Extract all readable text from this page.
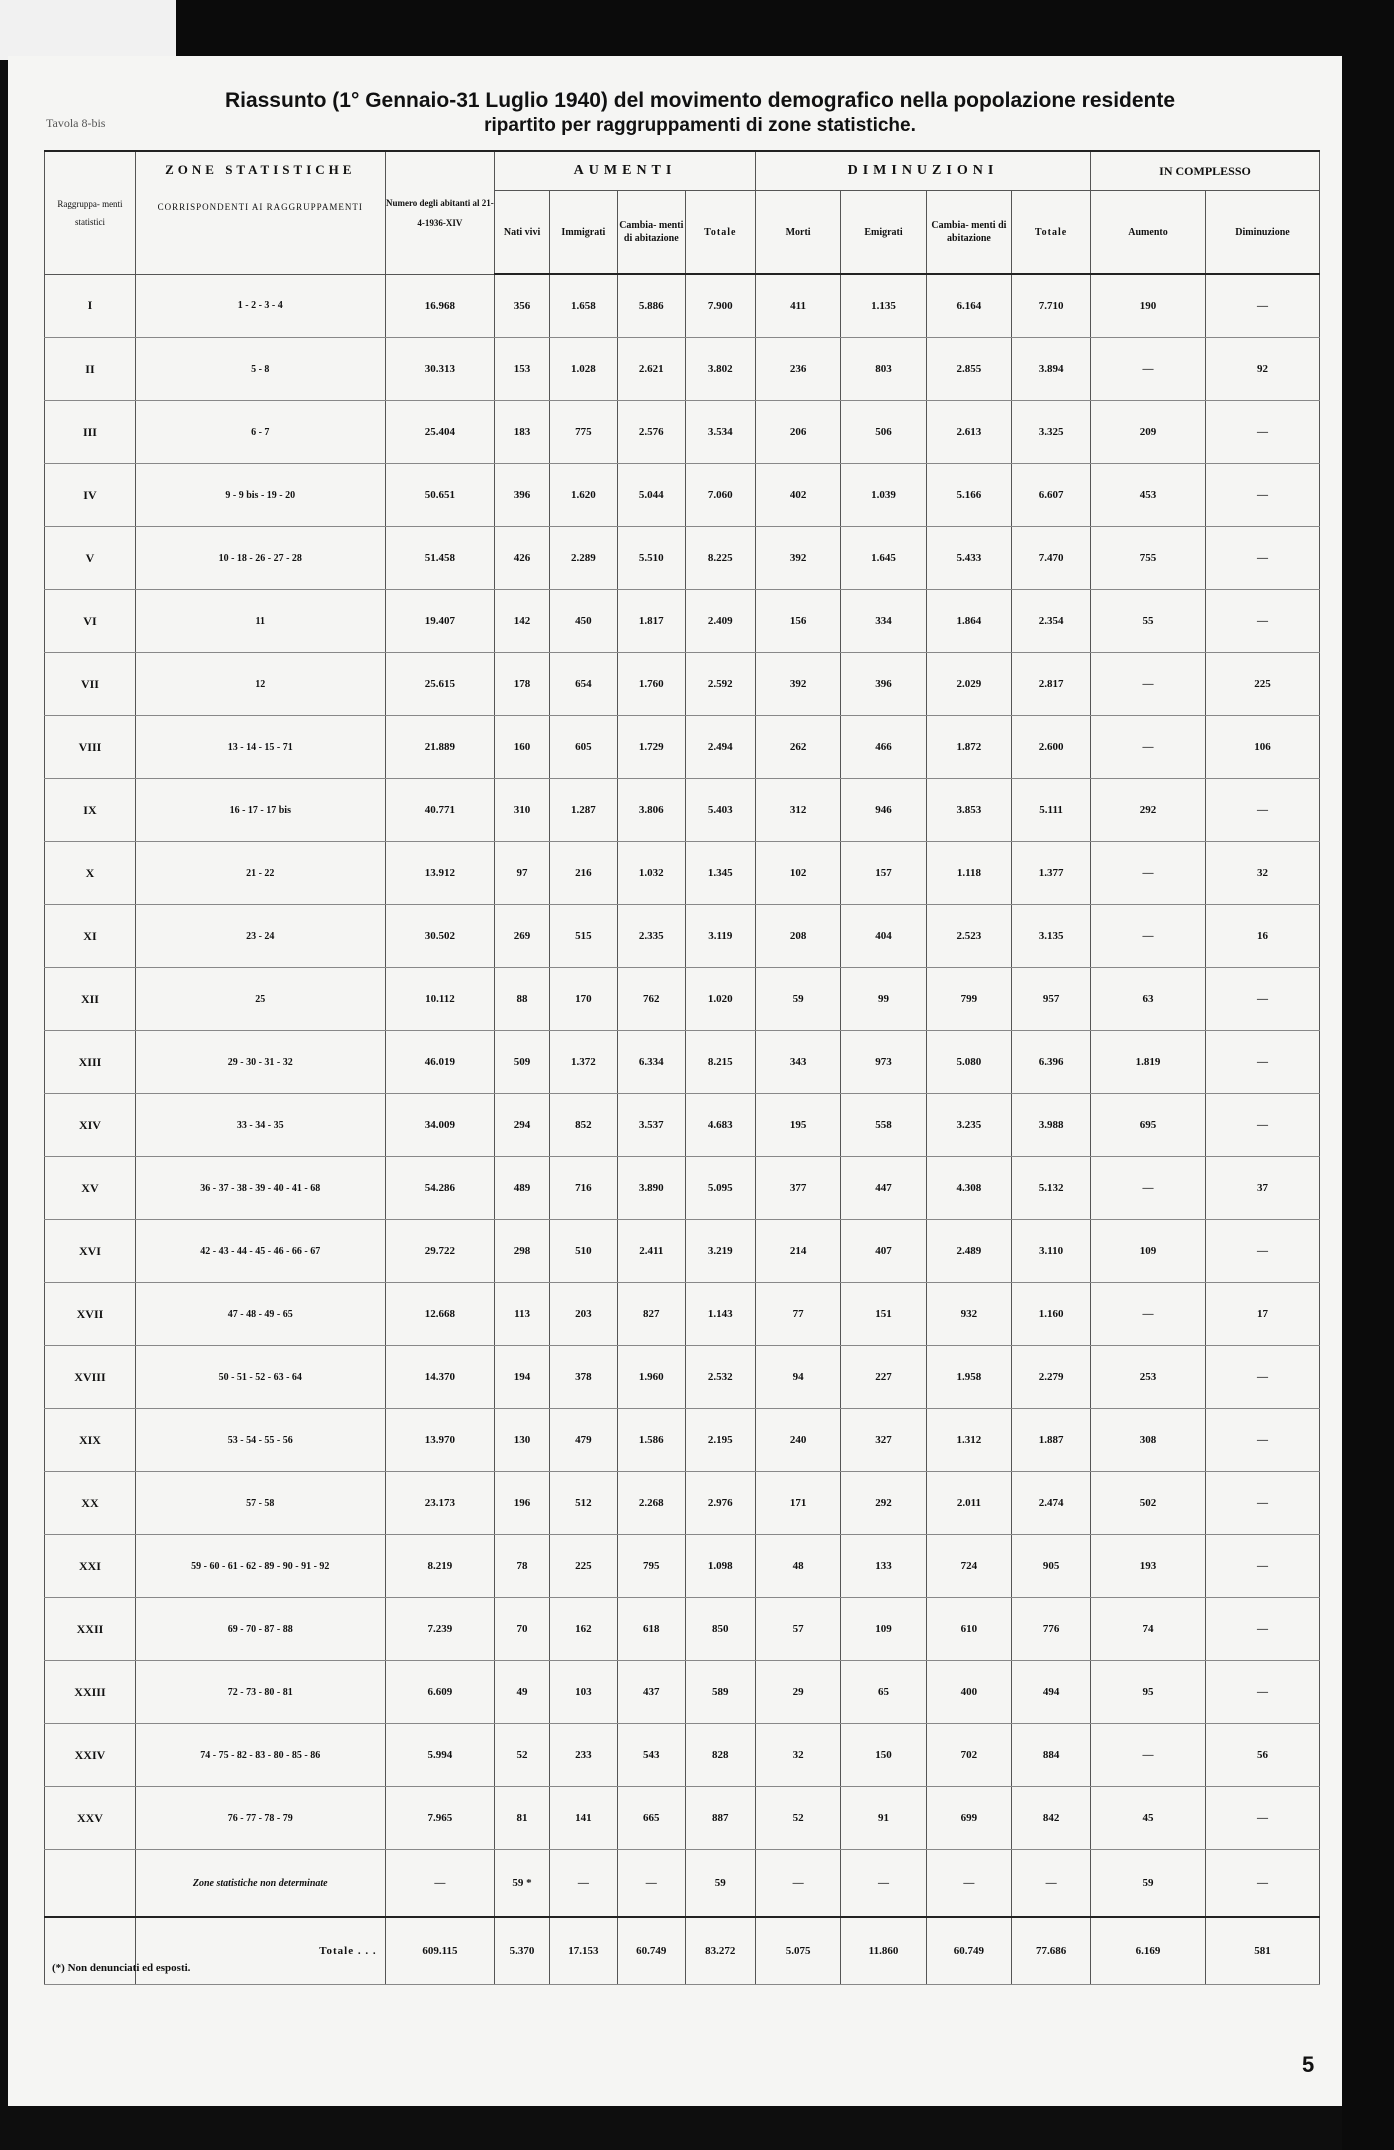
Tavola 8-bis
Riassunto (1° Gennaio-31 Luglio 1940) del movimento demografico nella popolazione residente
ripartito per raggruppamenti di zone statistiche.
Raggruppa- menti statistici	ZONE STATISTICHE
CORRISPONDENTI AI RAGGRUPPAMENTI	Numero degli abitanti al 21-4-1936-XIV	AUMENTI				DIMINUZIONI				IN COMPLESSO	
			Nati vivi	Immigrati	Cambia- menti di abitazione	Totale	Morti	Emigrati	Cambia- menti di abitazione	Totale	Aumento	Diminuzione
I	1 - 2 - 3 - 4	16.968	356	1.658	5.886	7.900	411	1.135	6.164	7.710	190	—
II	5 - 8	30.313	153	1.028	2.621	3.802	236	803	2.855	3.894	—	92
III	6 - 7	25.404	183	775	2.576	3.534	206	506	2.613	3.325	209	—
IV	9 - 9 bis - 19 - 20	50.651	396	1.620	5.044	7.060	402	1.039	5.166	6.607	453	—
V	10 - 18 - 26 - 27 - 28	51.458	426	2.289	5.510	8.225	392	1.645	5.433	7.470	755	—
VI	11	19.407	142	450	1.817	2.409	156	334	1.864	2.354	55	—
VII	12	25.615	178	654	1.760	2.592	392	396	2.029	2.817	—	225
VIII	13 - 14 - 15 - 71	21.889	160	605	1.729	2.494	262	466	1.872	2.600	—	106
IX	16 - 17 - 17 bis	40.771	310	1.287	3.806	5.403	312	946	3.853	5.111	292	—
X	21 - 22	13.912	97	216	1.032	1.345	102	157	1.118	1.377	—	32
XI	23 - 24	30.502	269	515	2.335	3.119	208	404	2.523	3.135	—	16
XII	25	10.112	88	170	762	1.020	59	99	799	957	63	—
XIII	29 - 30 - 31 - 32	46.019	509	1.372	6.334	8.215	343	973	5.080	6.396	1.819	—
XIV	33 - 34 - 35	34.009	294	852	3.537	4.683	195	558	3.235	3.988	695	—
XV	36 - 37 - 38 - 39 - 40 - 41 - 68	54.286	489	716	3.890	5.095	377	447	4.308	5.132	—	37
XVI	42 - 43 - 44 - 45 - 46 - 66 - 67	29.722	298	510	2.411	3.219	214	407	2.489	3.110	109	—
XVII	47 - 48 - 49 - 65	12.668	113	203	827	1.143	77	151	932	1.160	—	17
XVIII	50 - 51 - 52 - 63 - 64	14.370	194	378	1.960	2.532	94	227	1.958	2.279	253	—
XIX	53 - 54 - 55 - 56	13.970	130	479	1.586	2.195	240	327	1.312	1.887	308	—
XX	57 - 58	23.173	196	512	2.268	2.976	171	292	2.011	2.474	502	—
XXI	59 - 60 - 61 - 62 - 89 - 90 - 91 - 92	8.219	78	225	795	1.098	48	133	724	905	193	—
XXII	69 - 70 - 87 - 88	7.239	70	162	618	850	57	109	610	776	74	—
XXIII	72 - 73 - 80 - 81	6.609	49	103	437	589	29	65	400	494	95	—
XXIV	74 - 75 - 82 - 83 - 80 - 85 - 86	5.994	52	233	543	828	32	150	702	884	—	56
XXV	76 - 77 - 78 - 79	7.965	81	141	665	887	52	91	699	842	45	—
	Zone statistiche non determinate	—	59 *	—	—	59	—	—	—	—	59	—
	Totale . . .	609.115	5.370	17.153	60.749	83.272	5.075	11.860	60.749	77.686	6.169	581
(*) Non denunciati ed esposti.
5
